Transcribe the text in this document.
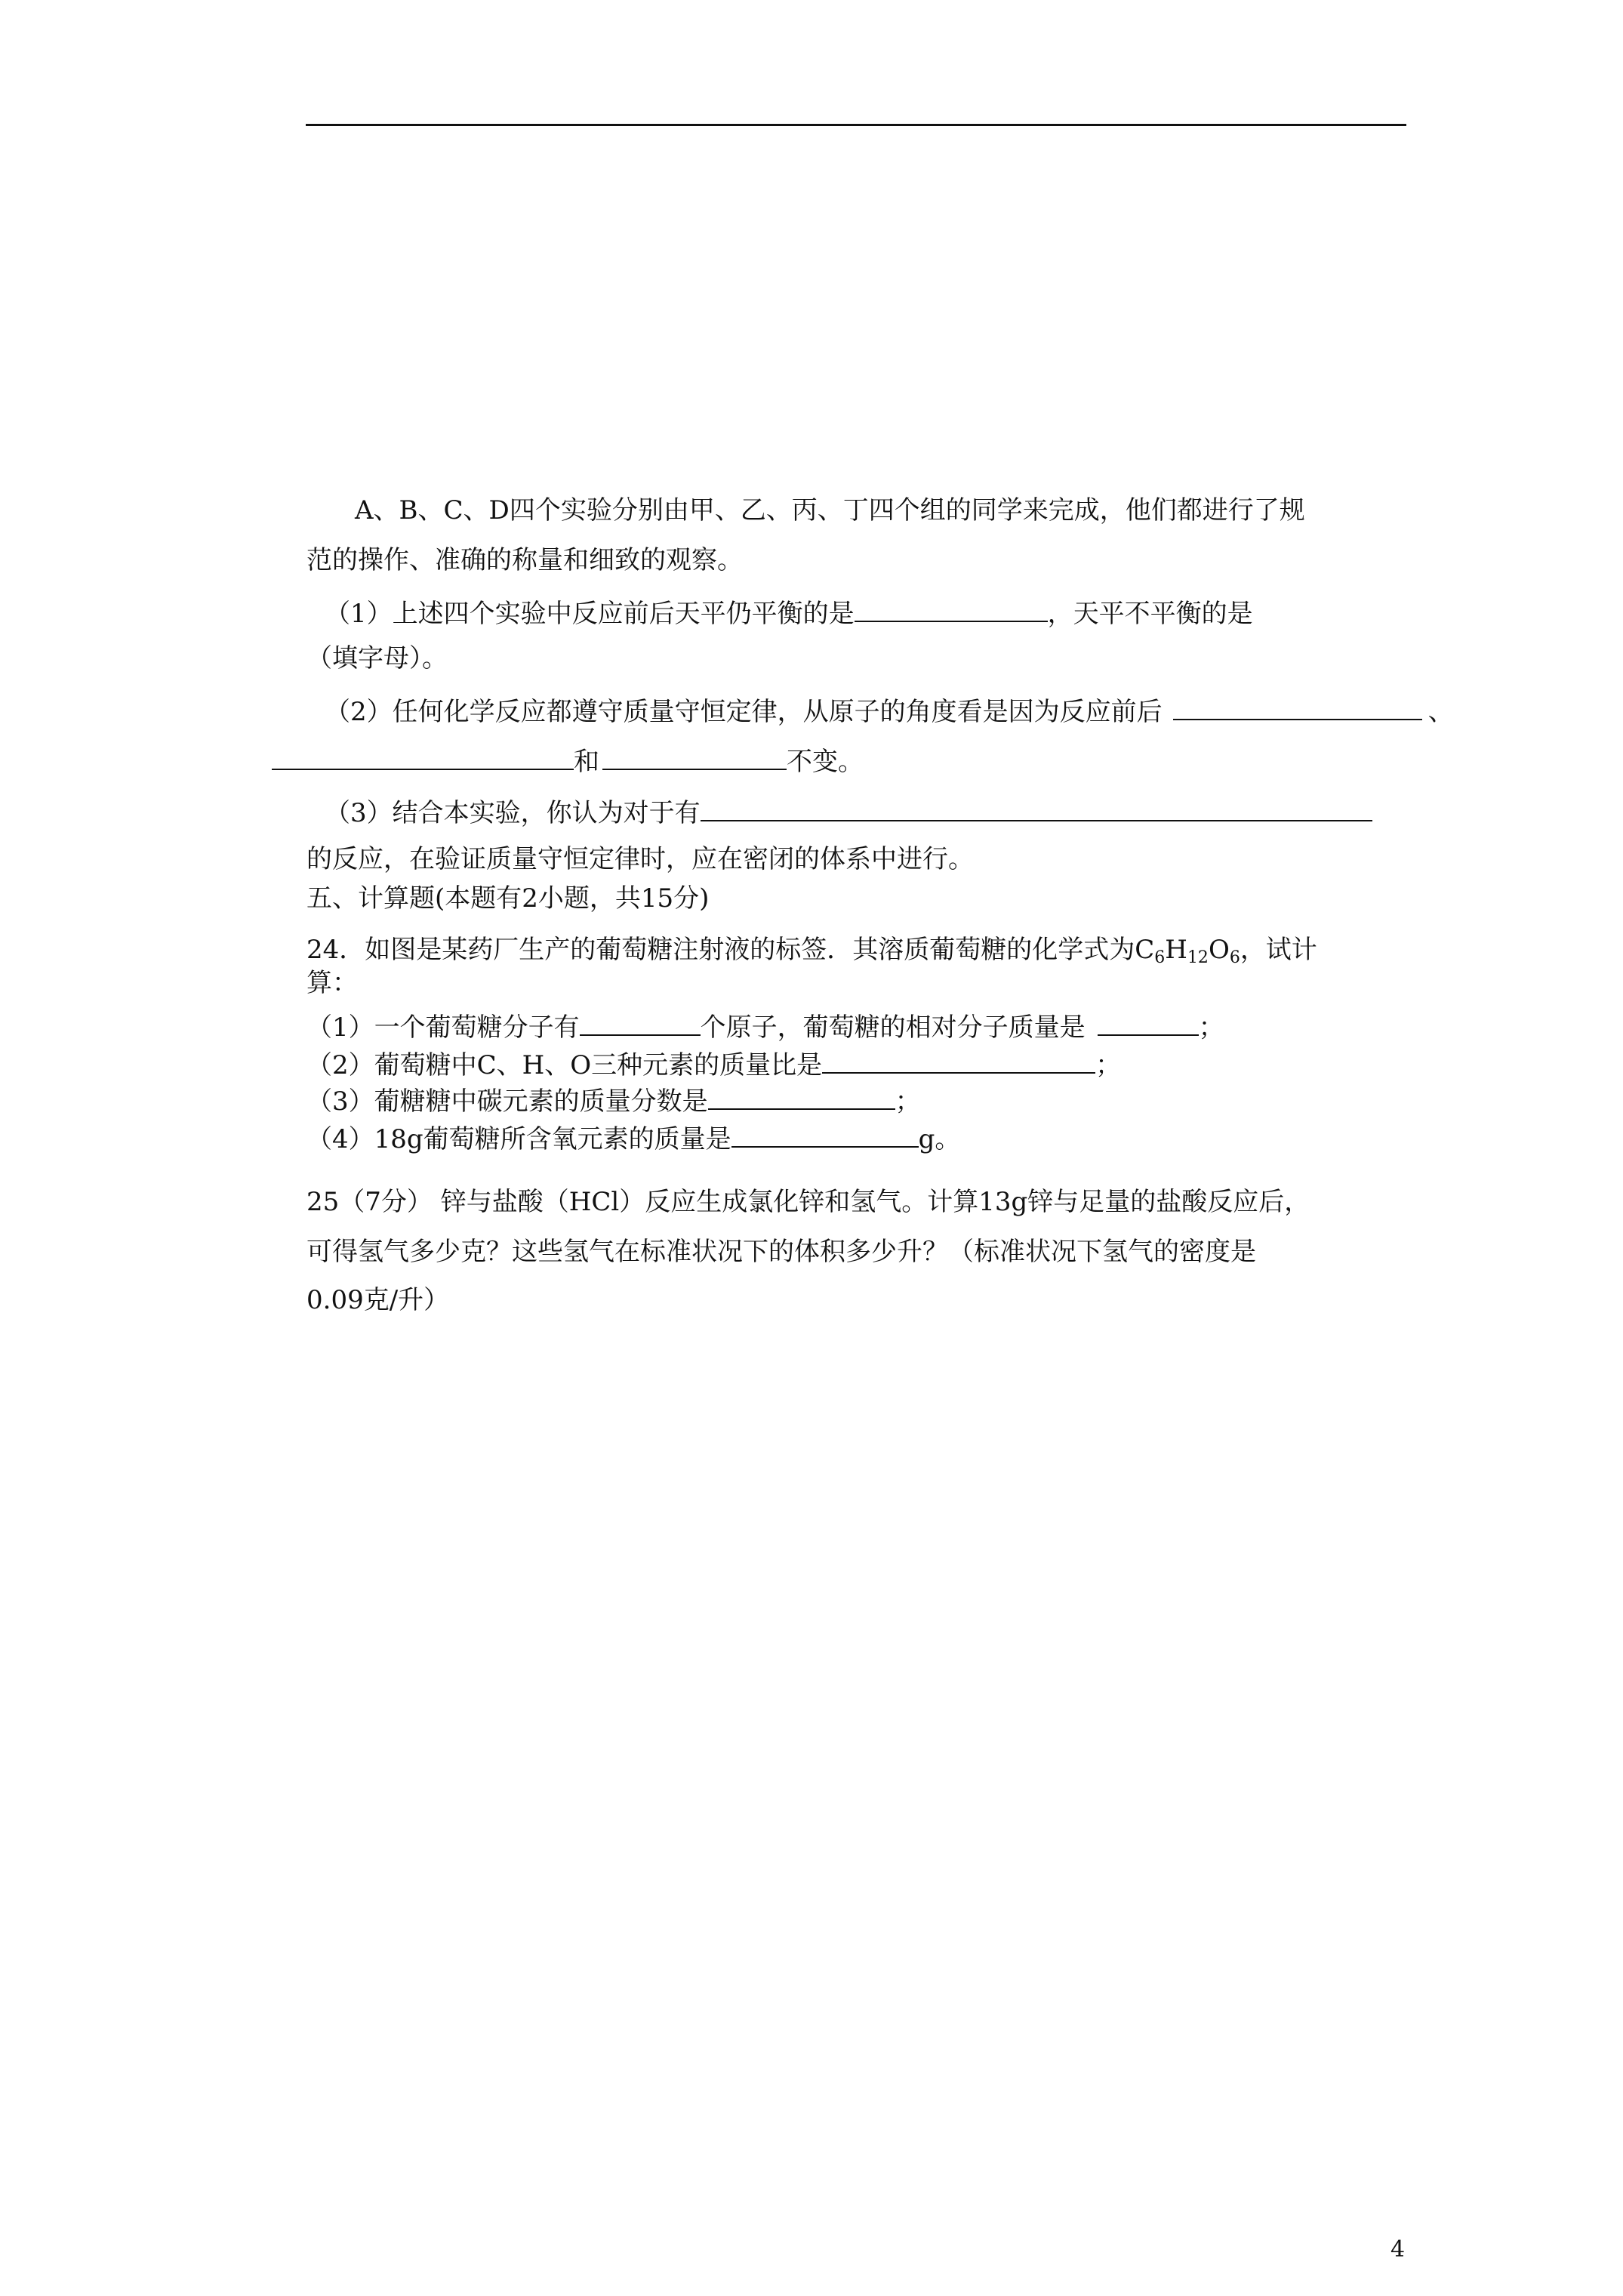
A、B、C、D四个实验分别由甲、乙、丙、丁四个组的同学来完成，他们都进行了规
范的操作、准确的称量和细致的观察。
（1）上述四个实验中反应前后天平仍平衡的是	，天平不平衡的是
（填字母）。
（2）任何化学反应都遵守质量守恒定律，从原子的角度看是因为反应前后	、
和	不变。
（3）结合本实验，你认为对于有
的反应，在验证质量守恒定律时，应在密闭的体系中进行。
五、计算题(本题有2小题，共15分)
24．如图是某药厂生产的葡萄糖注射液的标签．其溶质葡萄糖的化学式为$C_6H_{12}O_6$，试计
算：
（1）一个葡萄糖分子有	个原子，葡萄糖的相对分子质量是	；
（2）葡萄糖中C、H、O三种元素的质量比是	；
（3）葡糖糖中碳元素的质量分数是	；
（4）18g葡萄糖所含氧元素的质量是	g。
25（7分） 锌与盐酸（HCl）反应生成氯化锌和氢气。计算13g锌与足量的盐酸反应后，
可得氢气多少克？这些氢气在标准状况下的体积多少升？（标准状况下氢气的密度是
0.09克/升）
4
